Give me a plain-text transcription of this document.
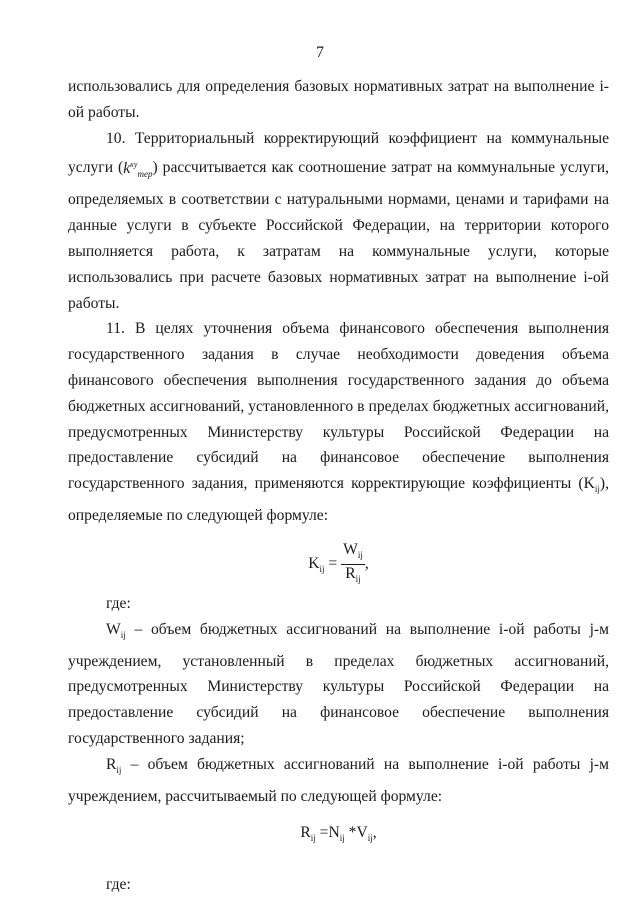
7

использовались для определения базовых нормативных затрат на выполнение i-ой работы.

10. Территориальный корректирующий коэффициент на коммунальные услуги $(k^{ку}_{тер})$ рассчитывается как соотношение затрат на коммунальные услуги, определяемых в соответствии с натуральными нормами, ценами и тарифами на данные услуги в субъекте Российской Федерации, на территории которого выполняется работа, к затратам на коммунальные услуги, которые использовались при расчете базовых нормативных затрат на выполнение i-ой работы.

11. В целях уточнения объема финансового обеспечения выполнения государственного задания в случае необходимости доведения объема финансового обеспечения выполнения государственного задания до объема бюджетных ассигнований, установленного в пределах бюджетных ассигнований, предусмотренных Министерству культуры Российской Федерации на предоставление субсидий на финансовое обеспечение выполнения государственного задания, применяются корректирующие коэффициенты $(K_{ij})$, определяемые по следующей формуле:

$K_{ij} = \frac{W_{ij}}{R_{ij}}$ ,

где:

$W_{ij}$ – объем бюджетных ассигнований на выполнение i-ой работы j-м учреждением, установленный в пределах бюджетных ассигнований, предусмотренных Министерству культуры Российской Федерации на предоставление субсидий на финансовое обеспечение выполнения государственного задания;

$R_{ij}$ – объем бюджетных ассигнований на выполнение i-ой работы j-м учреждением, рассчитываемый по следующей формуле:

$R_{ij} =N_{ij}$ $*V_{ij}$,

где:
